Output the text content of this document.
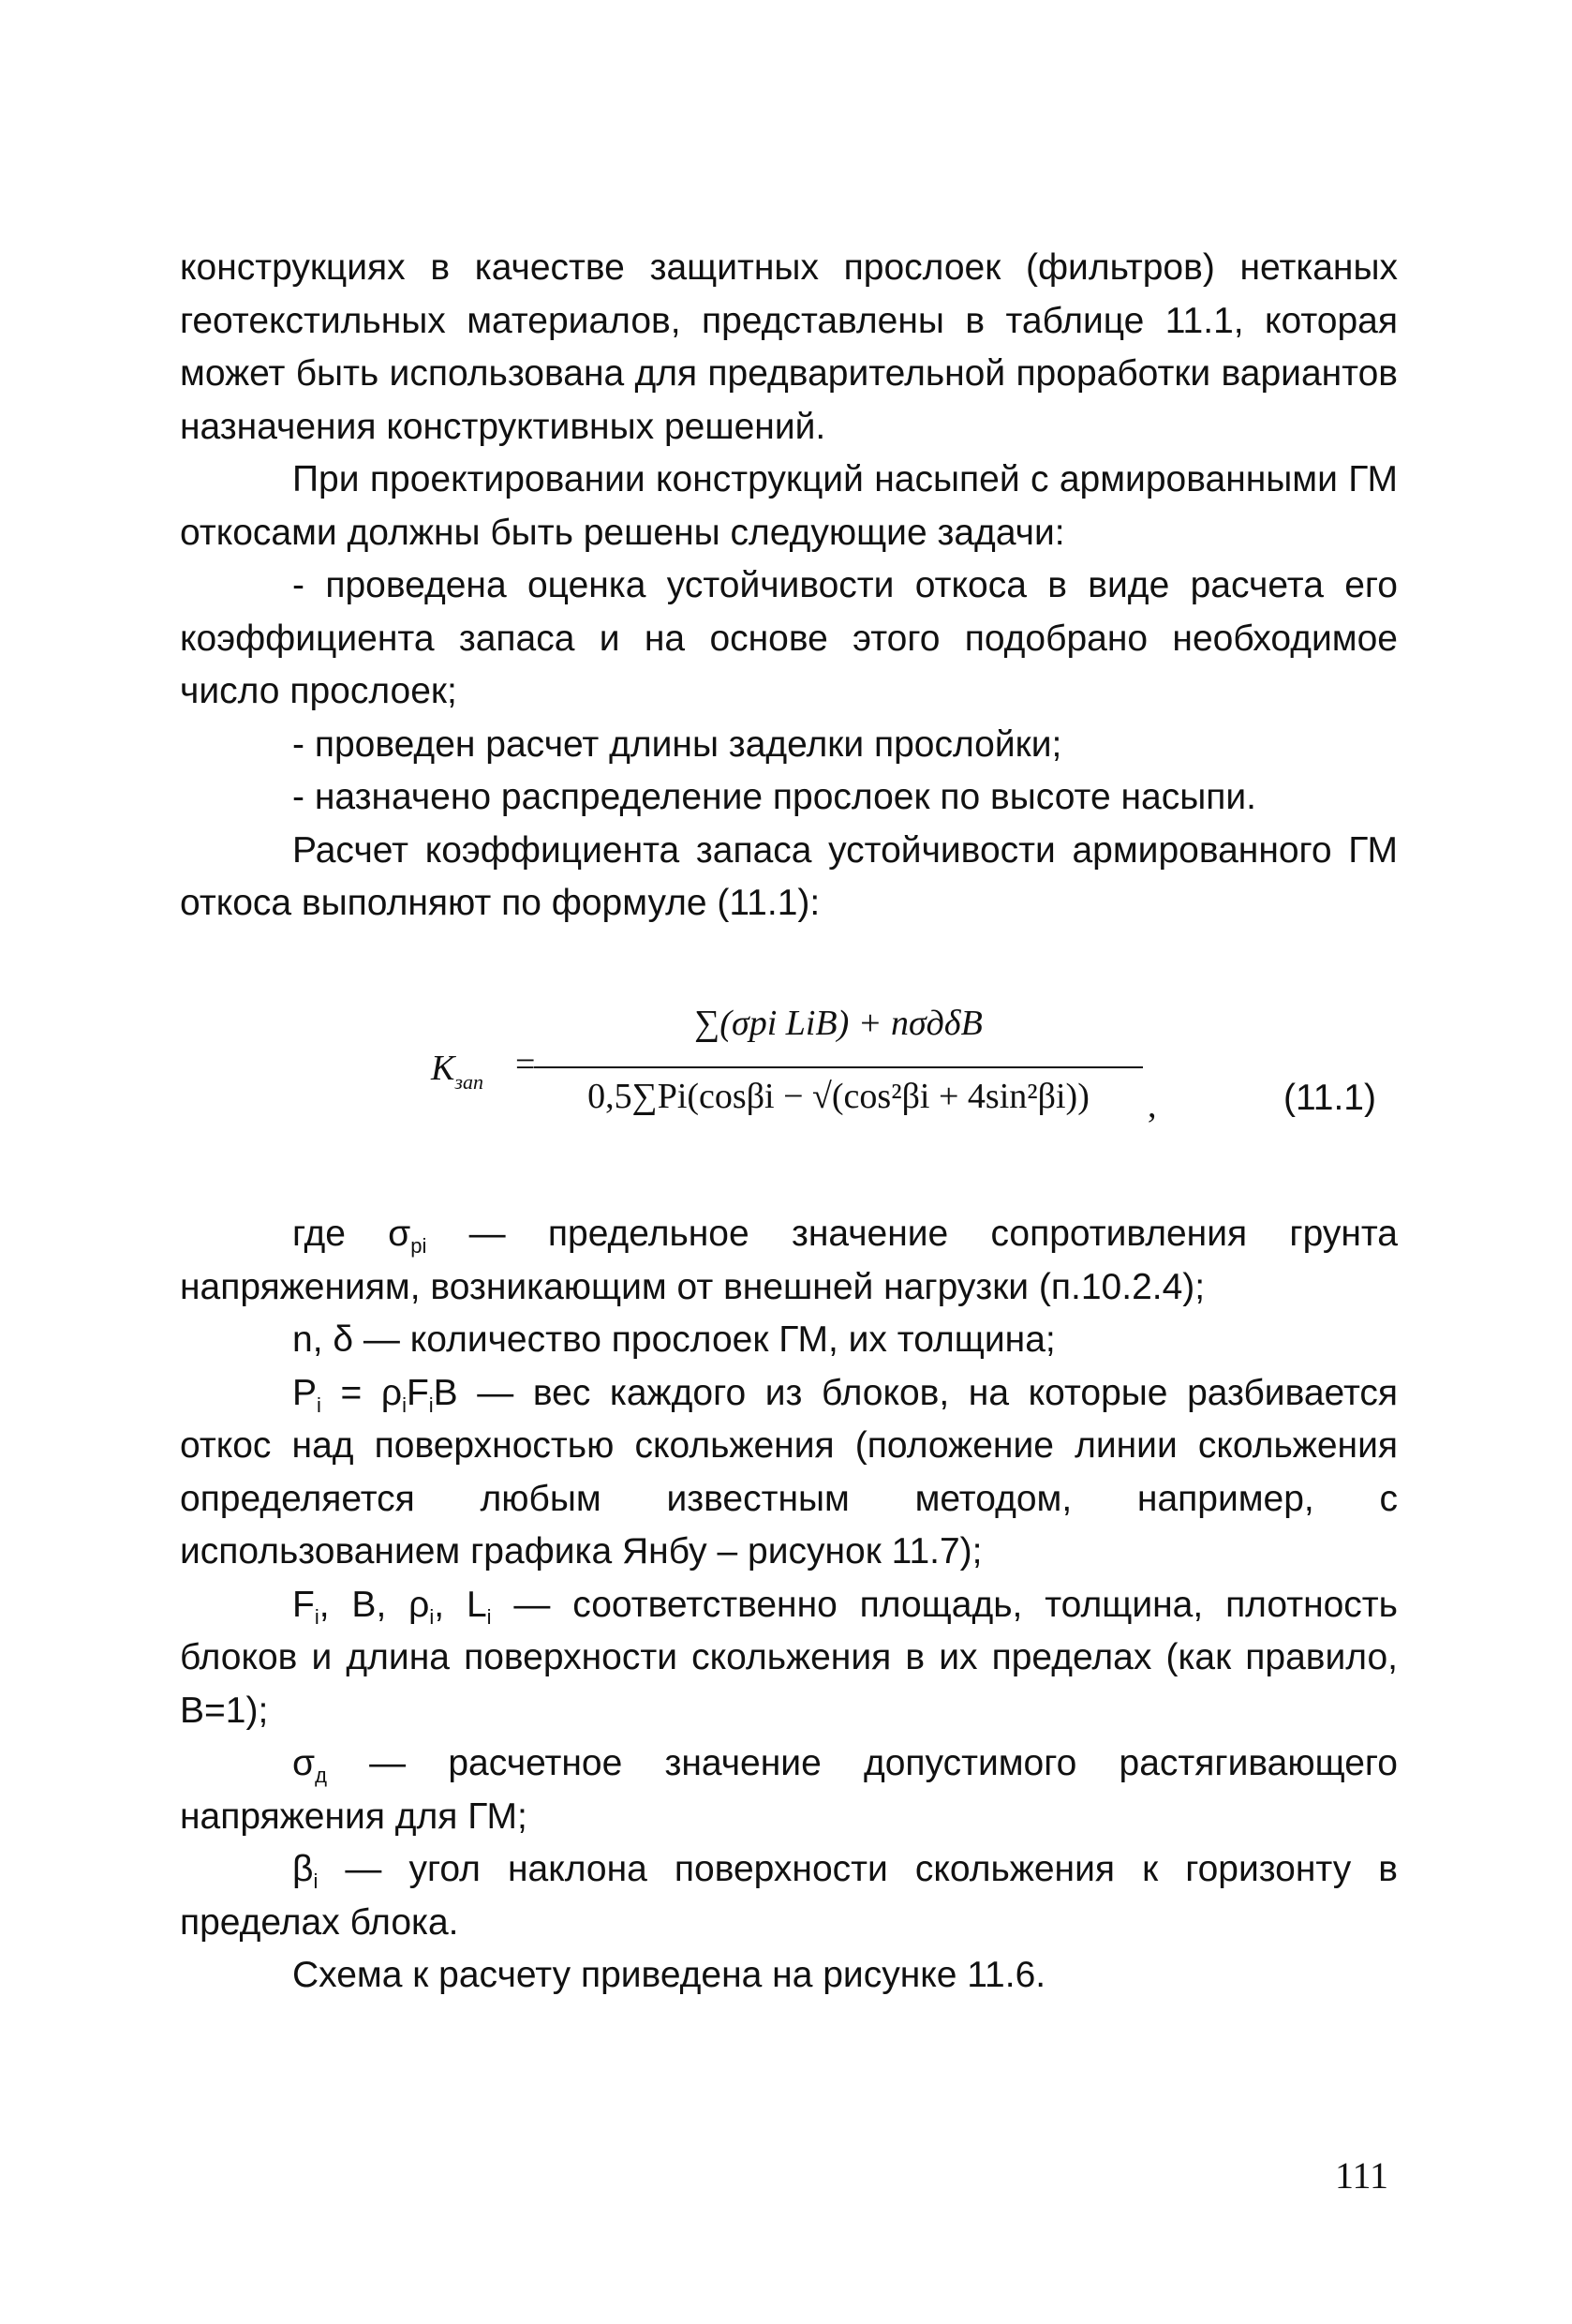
конструкциях в качестве защитных прослоек (фильтров) нетканых геотекстильных материалов, представлены в таблице 11.1, которая может быть использована для предварительной проработки вариантов назначения конструктивных решений.

При проектировании конструкций насыпей с армированными ГМ откосами должны быть решены следующие задачи:

- проведена оценка устойчивости откоса в виде расчета его коэффициента запаса и на основе этого подобрано необходимое число прослоек;

- проведен расчет длины заделки прослойки;

- назначено распределение прослоек по высоте насыпи.

Расчет коэффициента запаса устойчивости армированного ГМ откоса выполняют по формуле (11.1):

$K_{зап}$ =
∑(σpi LiB) + nσдδB
0,5∑Pi(cosβi − √(cos²βi + 4sin²βi))	,	(11.1)

где $\sigma_{pi}$ — предельное значение сопротивления грунта напряжениям, возникающим от внешней нагрузки (п.10.2.4);

n, δ — количество прослоек ГМ, их толщина;

$P_i = \rho_iF_iB$ — вес каждого из блоков, на которые разбивается откос над поверхностью скольжения (положение линии скольжения определяется любым известным методом, например, с использованием графика Янбу – рисунок 11.7);

$F_i$, B, $\rho_i$, $L_i$ — соответственно площадь, толщина, плотность блоков и длина поверхности скольжения в их пределах (как правило, B=1);

$\sigma_д$ — расчетное значение допустимого растягивающего напряжения для ГМ;

$\beta_i$ — угол наклона поверхности скольжения к горизонту в пределах блока.

Схема к расчету приведена на рисунке 11.6.

111
